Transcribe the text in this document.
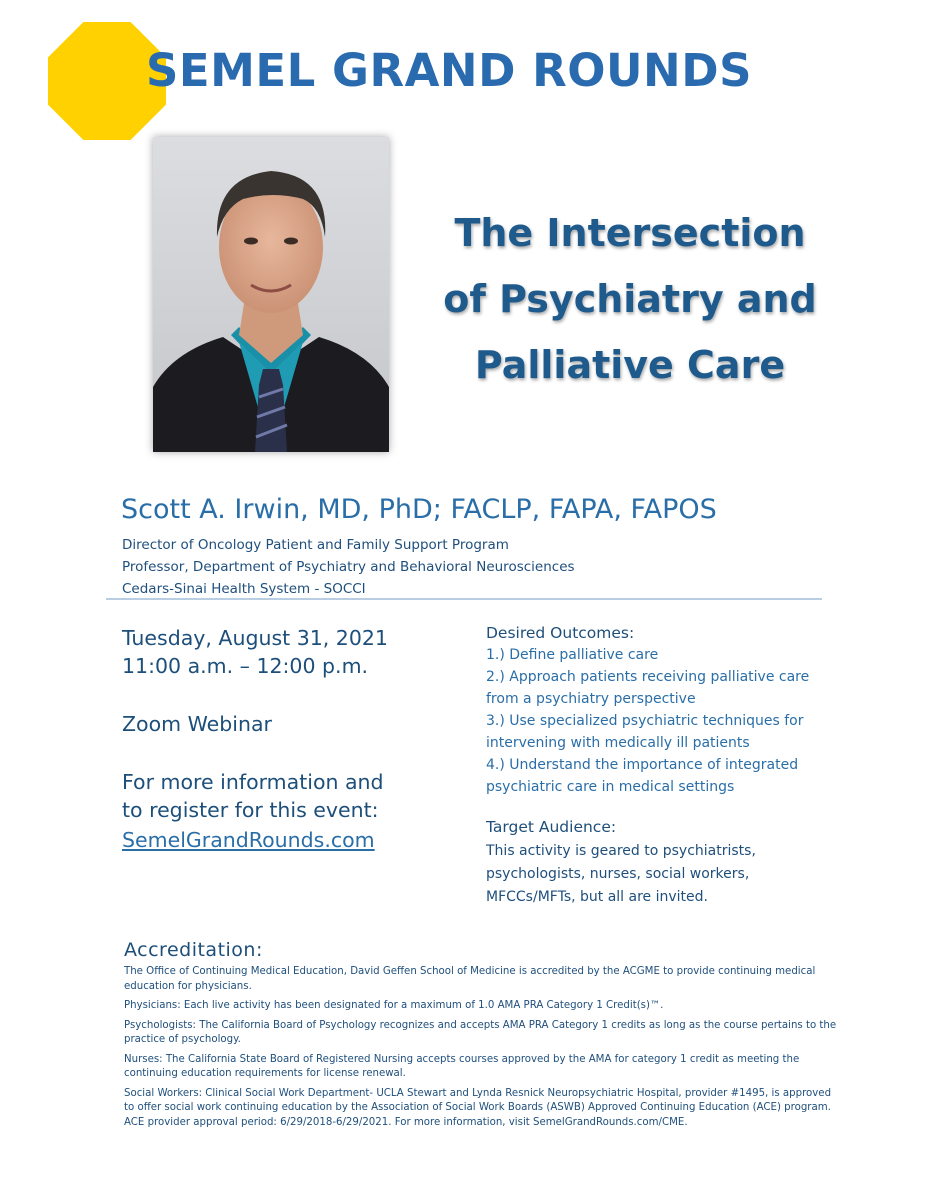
SEMEL GRAND ROUNDS
The Intersection
of Psychiatry and
Palliative Care
Scott A. Irwin, MD, PhD; FACLP, FAPA, FAPOS
Director of Oncology Patient and Family Support Program
Professor, Department of Psychiatry and Behavioral Neurosciences
Cedars-Sinai Health System - SOCCI
Tuesday, August 31, 2021
11:00 a.m. – 12:00 p.m.
Zoom Webinar
For more information and
to register for this event:
SemelGrandRounds.com
Desired Outcomes:
1.) Define palliative care
2.) Approach patients receiving palliative care from a psychiatry perspective
3.) Use specialized psychiatric techniques for intervening with medically ill patients
4.) Understand the importance of integrated psychiatric care in medical settings
Target Audience:
This activity is geared to psychiatrists, psychologists, nurses, social workers, MFCCs/MFTs, but all are invited.
Accreditation:

The Office of Continuing Medical Education, David Geffen School of Medicine is accredited by the ACGME to provide continuing medical education for physicians.

Physicians: Each live activity has been designated for a maximum of 1.0 AMA PRA Category 1 Credit(s)™.

Psychologists: The California Board of Psychology recognizes and accepts AMA PRA Category 1 credits as long as the course pertains to the practice of psychology.

Nurses: The California State Board of Registered Nursing accepts courses approved by the AMA for category 1 credit as meeting the continuing education requirements for license renewal.

Social Workers: Clinical Social Work Department- UCLA Stewart and Lynda Resnick Neuropsychiatric Hospital, provider #1495, is approved to offer social work continuing education by the Association of Social Work Boards (ASWB) Approved Continuing Education (ACE) program. ACE provider approval period: 6/29/2018-6/29/2021. For more information, visit SemelGrandRounds.com/CME.
